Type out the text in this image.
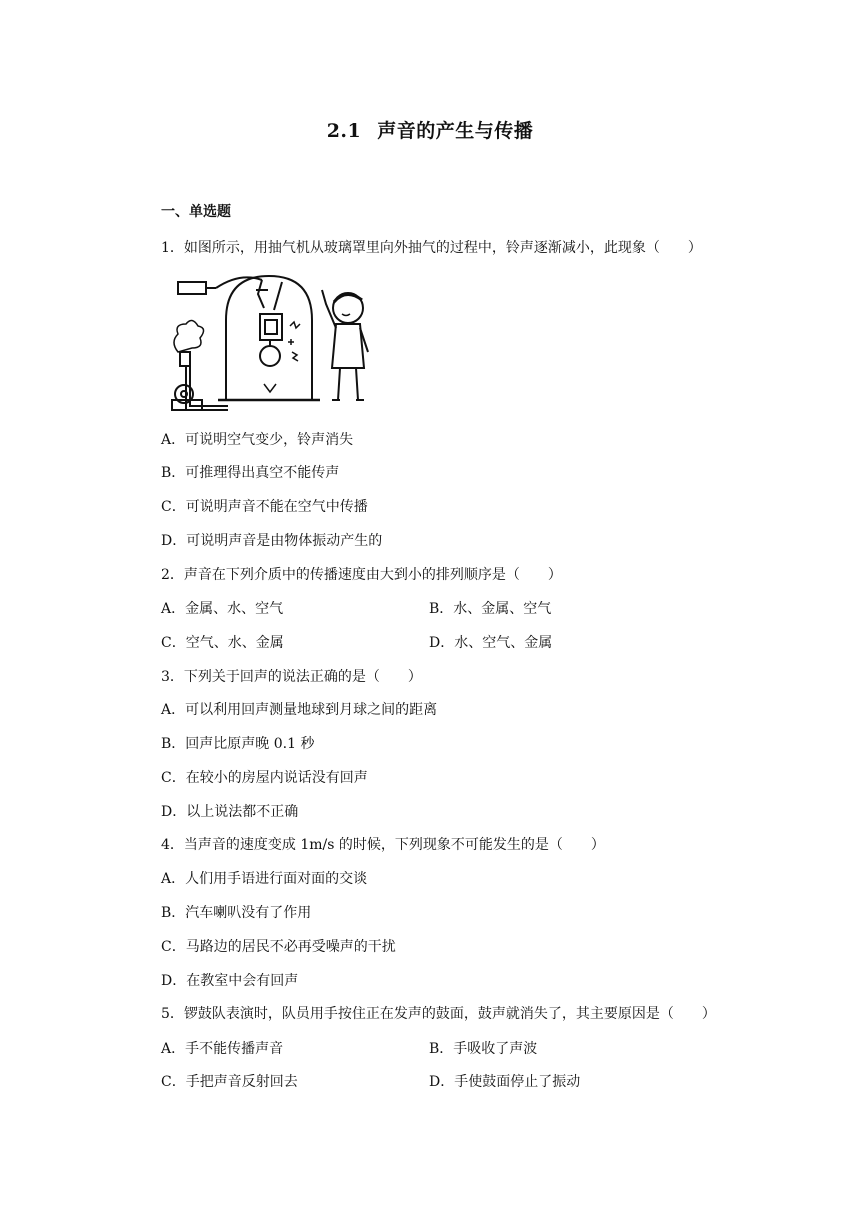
2.1 声音的产生与传播
一、单选题
1．如图所示，用抽气机从玻璃罩里向外抽气的过程中，铃声逐渐减小，此现象（　　）
A．可说明空气变少，铃声消失
B．可推理得出真空不能传声
C．可说明声音不能在空气中传播
D．可说明声音是由物体振动产生的
2．声音在下列介质中的传播速度由大到小的排列顺序是（　　）
A．金属、水、空气	B．水、金属、空气
C．空气、水、金属	D．水、空气、金属
3．下列关于回声的说法正确的是（　　）
A．可以利用回声测量地球到月球之间的距离
B．回声比原声晚 0.1 秒
C．在较小的房屋内说话没有回声
D．以上说法都不正确
4．当声音的速度变成 1m/s 的时候，下列现象不可能发生的是（　　）
A．人们用手语进行面对面的交谈
B．汽车喇叭没有了作用
C．马路边的居民不必再受噪声的干扰
D．在教室中会有回声
5．锣鼓队表演时，队员用手按住正在发声的鼓面，鼓声就消失了，其主要原因是（　　）
A．手不能传播声音	B．手吸收了声波
C．手把声音反射回去	D．手使鼓面停止了振动
